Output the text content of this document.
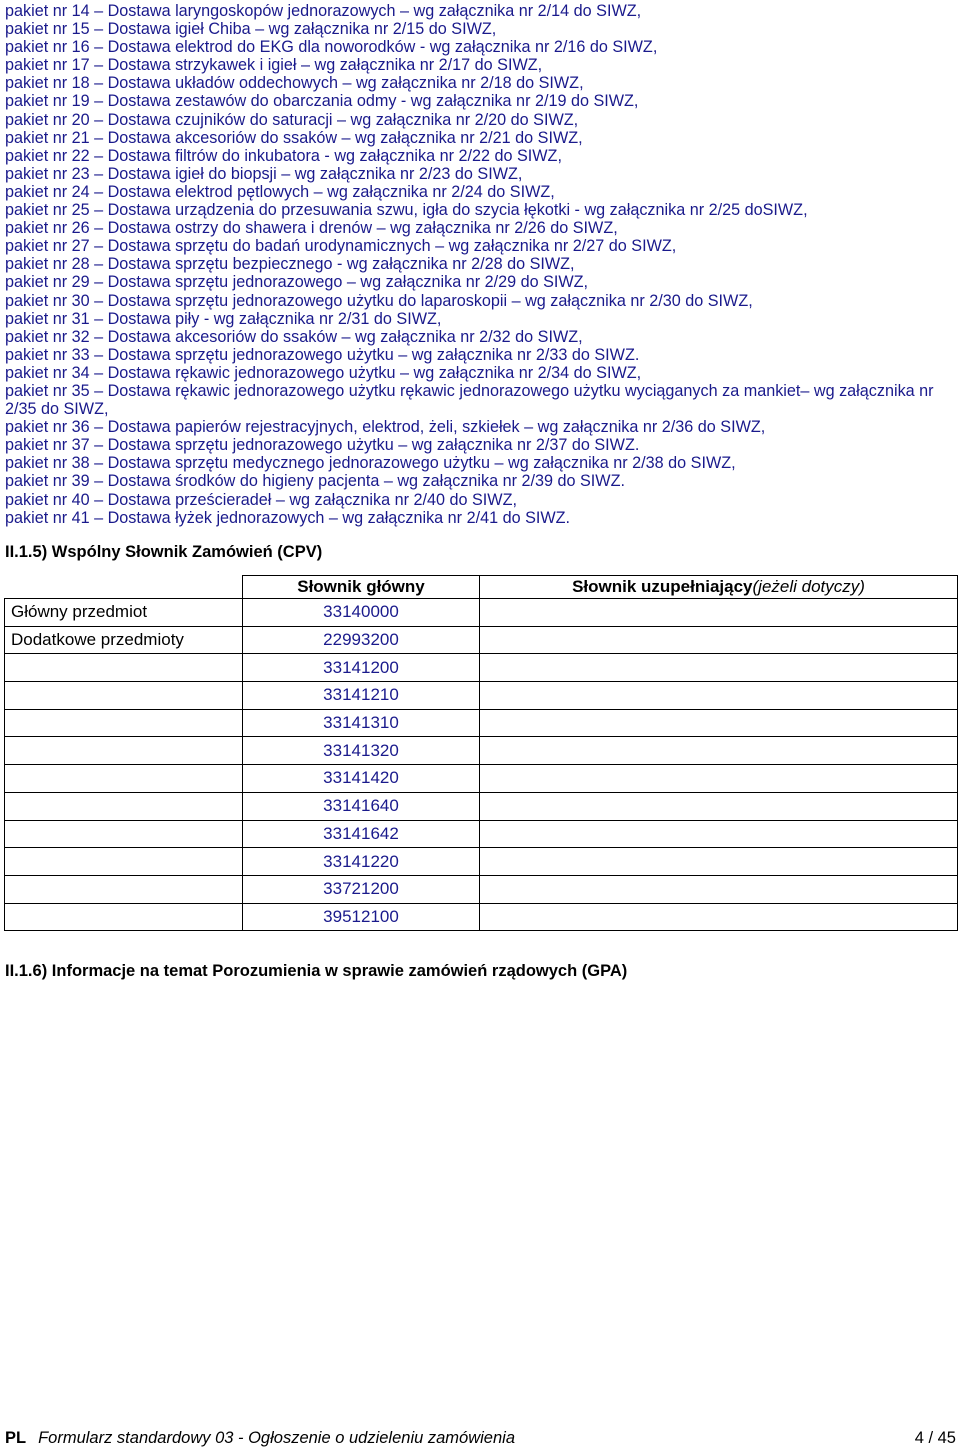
pakiet nr 14 – Dostawa laryngoskopów jednorazowych – wg załącznika nr 2/14 do SIWZ,
pakiet nr 15 – Dostawa igieł Chiba – wg załącznika nr 2/15 do SIWZ,
pakiet nr 16 – Dostawa elektrod do EKG dla noworodków - wg załącznika nr 2/16 do SIWZ,
pakiet nr 17 – Dostawa strzykawek i igieł – wg załącznika nr 2/17 do SIWZ,
pakiet nr 18 – Dostawa układów oddechowych – wg załącznika nr 2/18 do SIWZ,
pakiet nr 19 – Dostawa zestawów do obarczania odmy - wg załącznika nr 2/19 do SIWZ,
pakiet nr 20 – Dostawa czujników do saturacji – wg załącznika nr 2/20 do SIWZ,
pakiet nr 21 – Dostawa akcesoriów do ssaków – wg załącznika nr 2/21 do SIWZ,
pakiet nr 22 – Dostawa filtrów do inkubatora - wg załącznika nr 2/22 do SIWZ,
pakiet nr 23 – Dostawa igieł do biopsji – wg załącznika nr 2/23 do SIWZ,
pakiet nr 24 – Dostawa elektrod pętlowych – wg załącznika nr 2/24 do SIWZ,
pakiet nr 25 – Dostawa urządzenia do przesuwania szwu, igła do szycia łękotki - wg załącznika nr 2/25 doSIWZ,
pakiet nr 26 – Dostawa ostrzy do shawera i drenów – wg załącznika nr 2/26 do SIWZ,
pakiet nr 27 – Dostawa sprzętu do badań urodynamicznych – wg załącznika nr 2/27 do SIWZ,
pakiet nr 28 – Dostawa sprzętu bezpiecznego - wg załącznika nr 2/28 do SIWZ,
pakiet nr 29 – Dostawa sprzętu jednorazowego – wg załącznika nr 2/29 do SIWZ,
pakiet nr 30 – Dostawa sprzętu jednorazowego użytku do laparoskopii – wg załącznika nr 2/30 do SIWZ,
pakiet nr 31 – Dostawa piły - wg załącznika nr 2/31 do SIWZ,
pakiet nr 32 – Dostawa akcesoriów do ssaków – wg załącznika nr 2/32 do SIWZ,
pakiet nr 33 – Dostawa sprzętu jednorazowego użytku – wg załącznika nr 2/33 do SIWZ.
pakiet nr 34 – Dostawa rękawic jednorazowego użytku – wg załącznika nr 2/34 do SIWZ,
pakiet nr 35 – Dostawa rękawic jednorazowego użytku rękawic jednorazowego użytku wyciąganych za mankiet– wg załącznika nr 2/35 do SIWZ,
pakiet nr 36 – Dostawa papierów rejestracyjnych, elektrod, żeli, szkiełek – wg załącznika nr 2/36 do SIWZ,
pakiet nr 37 – Dostawa sprzętu jednorazowego użytku – wg załącznika nr 2/37 do SIWZ.
pakiet nr 38 – Dostawa sprzętu medycznego jednorazowego użytku – wg załącznika nr 2/38 do SIWZ,
pakiet nr 39 – Dostawa środków do higieny pacjenta – wg załącznika nr 2/39 do SIWZ.
pakiet nr 40 – Dostawa prześcieradeł – wg załącznika nr 2/40 do SIWZ,
pakiet nr 41 – Dostawa łyżek jednorazowych – wg załącznika nr 2/41 do SIWZ.
II.1.5) Wspólny Słownik Zamówień (CPV)
	Słownik główny	Słownik uzupełniający(jeżeli dotyczy)
Główny przedmiot	33140000	
Dodatkowe przedmioty	22993200	
	33141200	
	33141210	
	33141310	
	33141320	
	33141420	
	33141640	
	33141642	
	33141220	
	33721200	
	39512100	
II.1.6) Informacje na temat Porozumienia w sprawie zamówień rządowych (GPA)
PL Formularz standardowy 03 - Ogłoszenie o udzieleniu zamówienia	4 / 45
